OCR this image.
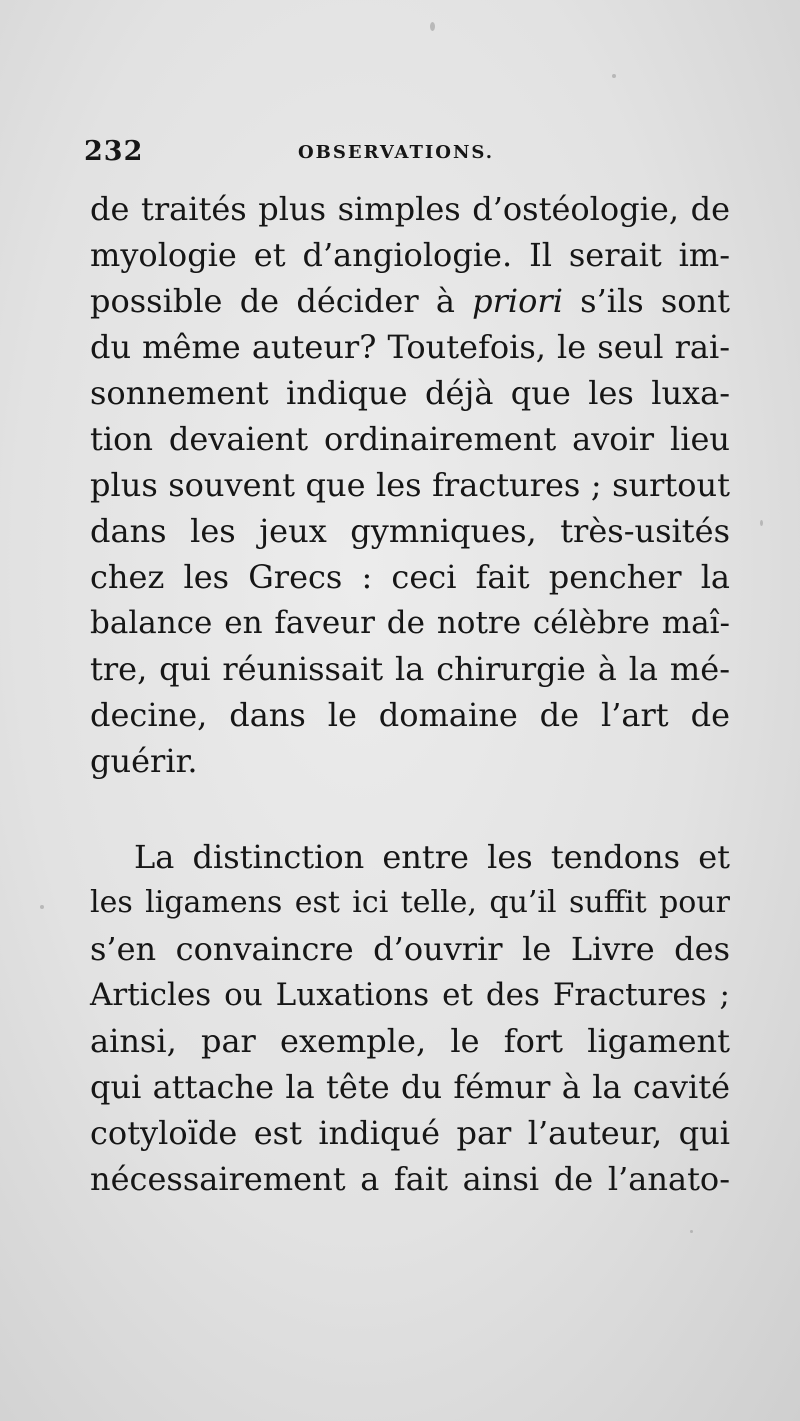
232	OBSERVATIONS.
de traités plus simples d’ostéologie, de
myologie et d’angiologie. Il serait im-
possible de décider à priori s’ils sont
du même auteur? Toutefois, le seul rai-
sonnement indique déjà que les luxa-
tion devaient ordinairement avoir lieu
plus souvent que les fractures ; surtout
dans les jeux gymniques, très-usités
chez les Grecs : ceci fait pencher la
balance en faveur de notre célèbre maî-
tre, qui réunissait la chirurgie à la mé-
decine, dans le domaine de l’art de
guérir.
La distinction entre les tendons et
les ligamens est ici telle, qu’il suffit pour
s’en convaincre d’ouvrir le Livre des
Articles ou Luxations et des Fractures ;
ainsi, par exemple, le fort ligament
qui attache la tête du fémur à la cavité
cotyloïde est indiqué par l’auteur, qui
nécessairement a fait ainsi de l’anato-
